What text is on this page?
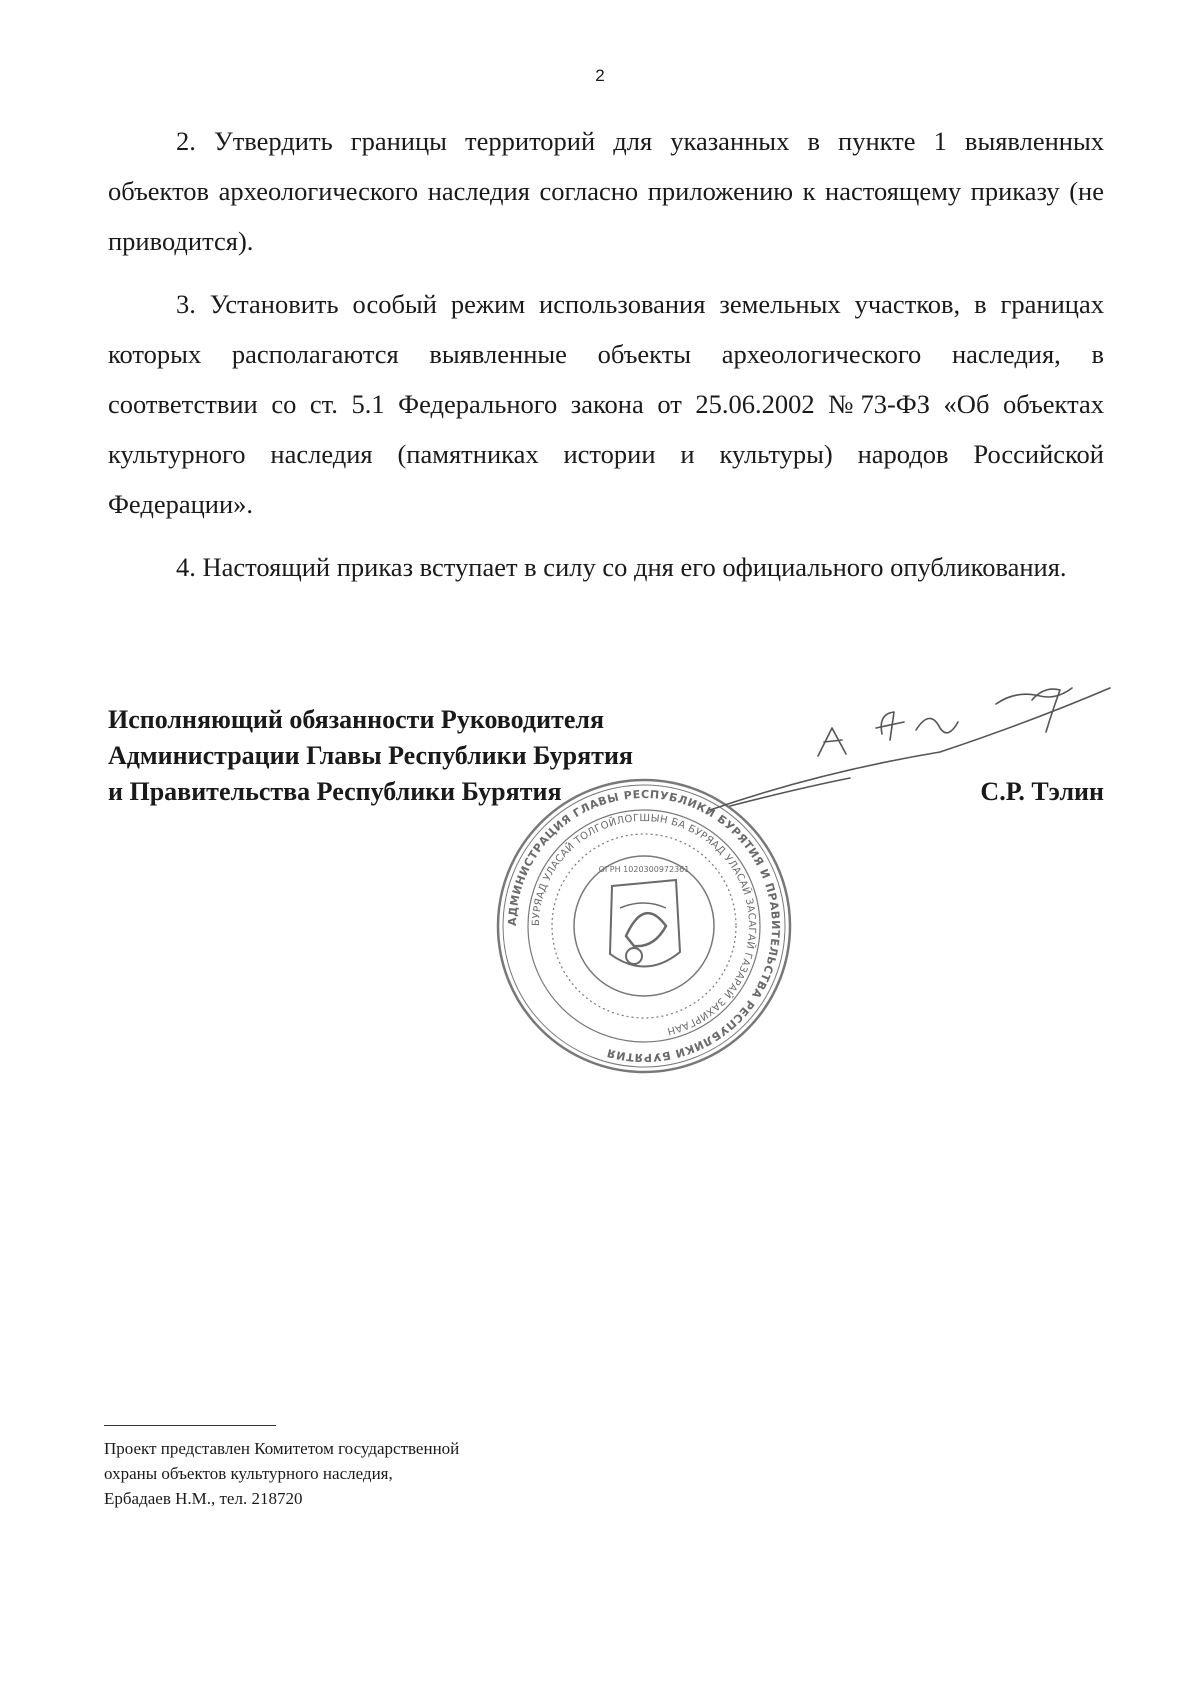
2

2. Утвердить границы территорий для указанных в пункте 1 выявленных объектов археологического наследия согласно приложению к настоящему приказу (не приводится).

3. Установить особый режим использования земельных участков, в границах которых располагаются выявленные объекты археологического наследия, в соответствии со ст. 5.1 Федерального закона от 25.06.2002 №73-ФЗ «Об объектах культурного наследия (памятниках истории и культуры) народов Российской Федерации».

4. Настоящий приказ вступает в силу со дня его официального опубликования.

Исполняющий обязанности Руководителя
Администрации Главы Республики Бурятия
и Правительства Республики Бурятия
АДМИНИСТРАЦИЯ ГЛАВЫ РЕСПУБЛИКИ БУРЯТИЯ И ПРАВИТЕЛЬСТВА РЕСПУБЛИКИ БУРЯТИЯ
БУРЯАД УЛАСАЙ ТОЛГОЙЛОГШЫН БА БУРЯАД УЛАСАЙ ЗАСАГАЙ ГАЗАРАЙ ЗАХИРГААН
ОГРН 1020300972361
С.Р. Тэлин
Проект представлен Комитетом государственной
охраны объектов культурного наследия,
Ербадаев Н.М., тел. 218720
